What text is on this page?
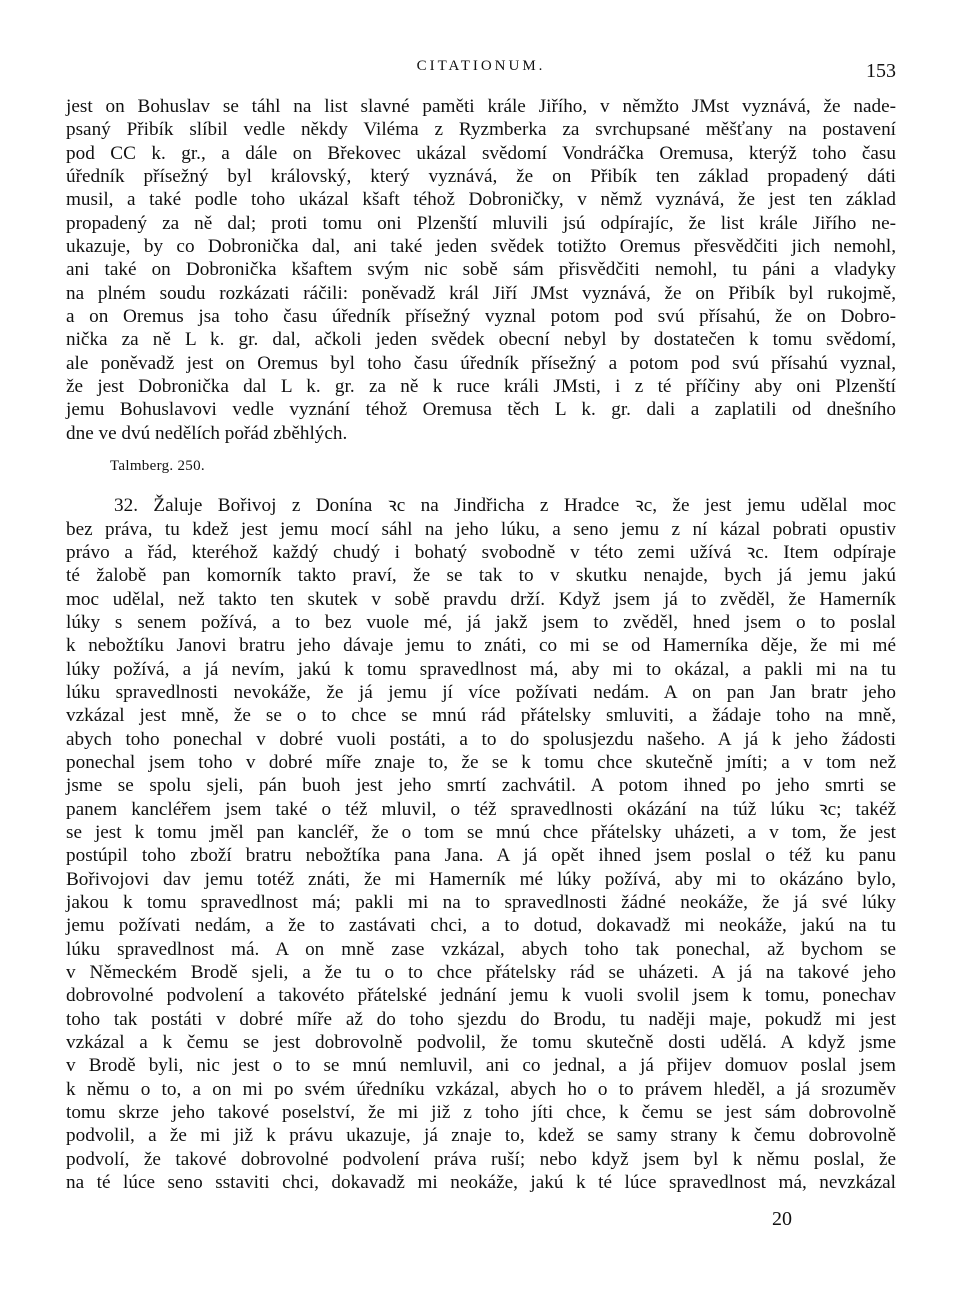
CITATIONUM.	153
jest on Bohuslav se táhl na list slavné paměti krále Jiřího, v němžto JMst vyznává, že nade-
psaný Přibík slíbil vedle někdy Viléma z Ryzmberka za svrchupsané měšťany na postavení
pod CC k. gr., a dále on Břekovec ukázal svědomí Vondráčka Oremusa, kterýž toho času
úředník přísežný byl královský, který vyznává, že on Přibík ten základ propadený dáti
musil, a také podle toho ukázal kšaft téhož Dobroničky, v němž vyznává, že jest ten základ
propadený za ně dal; proti tomu oni Plzenští mluvili jsú odpírajíc, že list krále Jiřího ne-
ukazuje, by co Dobronička dal, ani také jeden svědek totižto Oremus přesvědčiti jich nemohl,
ani také on Dobronička kšaftem svým nic sobě sám přisvědčiti nemohl, tu páni a vladyky
na plném soudu rozkázati ráčili: poněvadž král Jiří JMst vyznává, že on Přibík byl rukojmě,
a on Oremus jsa toho času úředník přísežný vyznal potom pod svú přísahú, že on Dobro-
nička za ně L k. gr. dal, ačkoli jeden svědek obecní nebyl by dostatečen k tomu svědomí,
ale poněvadž jest on Oremus byl toho času úředník přísežný a potom pod svú přísahú vyznal,
že jest Dobronička dal L k. gr. za ně k ruce králi JMsti, i z té příčiny aby oni Plzenští
jemu Bohuslavovi vedle vyznání téhož Oremusa těch L k. gr. dali a zaplatili od dnešního
dne ve dvú nedělích pořád zběhlých.
Talmberg. 250.
32. Žaluje Bořivoj z Donína ꝛc na Jindřicha z Hradce ꝛc, že jest jemu udělal moc
bez práva, tu kdež jest jemu mocí sáhl na jeho lúku, a seno jemu z ní kázal pobrati opustiv
právo a řád, kteréhož každý chudý i bohatý svobodně v této zemi užívá ꝛc. Item odpíraje
té žalobě pan komorník takto praví, že se tak to v skutku nenajde, bych já jemu jakú
moc udělal, než takto ten skutek v sobě pravdu drží. Když jsem já to zvěděl, že Hamerník
lúky s senem požívá, a to bez vuole mé, já jakž jsem to zvěděl, hned jsem o to poslal
k nebožtíku Janovi bratru jeho dávaje jemu to znáti, co mi se od Hamerníka děje, že mi mé
lúky požívá, a já nevím, jakú k tomu spravedlnost má, aby mi to okázal, a pakli mi na tu
lúku spravedlnosti nevokáže, že já jemu jí více požívati nedám. A on pan Jan bratr jeho
vzkázal jest mně, že se o to chce se mnú rád přátelsky smluviti, a žádaje toho na mně,
abych toho ponechal v dobré vuoli postáti, a to do spolusjezdu našeho. A já k jeho žádosti
ponechal jsem toho v dobré míře znaje to, že se k tomu chce skutečně jmíti; a v tom než
jsme se spolu sjeli, pán buoh jest jeho smrtí zachvátil. A potom ihned po jeho smrti se
panem kancléřem jsem také o též mluvil, o též spravedlnosti okázání na túž lúku ꝛc; takéž
se jest k tomu jměl pan kancléř, že o tom se mnú chce přátelsky uházeti, a v tom, že jest
postúpil toho zboží bratru nebožtíka pana Jana. A já opět ihned jsem poslal o též ku panu
Bořivojovi dav jemu totéž znáti, že mi Hamerník mé lúky požívá, aby mi to okázáno bylo,
jakou k tomu spravedlnost má; pakli mi na to spravedlnosti žádné neokáže, že já své lúky
jemu požívati nedám, a že to zastávati chci, a to dotud, dokavadž mi neokáže, jakú na tu
lúku spravedlnost má. A on mně zase vzkázal, abych toho tak ponechal, až bychom se
v Německém Brodě sjeli, a že tu o to chce přátelsky rád se uházeti. A já na takové jeho
dobrovolné podvolení a takovéto přátelské jednání jemu k vuoli svolil jsem k tomu, ponechav
toho tak postáti v dobré míře až do toho sjezdu do Brodu, tu naději maje, pokudž mi jest
vzkázal a k čemu se jest dobrovolně podvolil, že tomu skutečně dosti udělá. A když jsme
v Brodě byli, nic jest o to se mnú nemluvil, ani co jednal, a já přijev domuov poslal jsem
k němu o to, a on mi po svém úředníku vzkázal, abych ho o to právem hleděl, a já srozuměv
tomu skrze jeho takové poselství, že mi již z toho jíti chce, k čemu se jest sám dobrovolně
podvolil, a že mi již k právu ukazuje, já znaje to, kdež se samy strany k čemu dobrovolně
podvolí, že takové dobrovolné podvolení práva ruší; nebo když jsem byl k němu poslal, že
na té lúce seno sstaviti chci, dokavadž mi neokáže, jakú k té lúce spravedlnost má, nevzkázal
20
